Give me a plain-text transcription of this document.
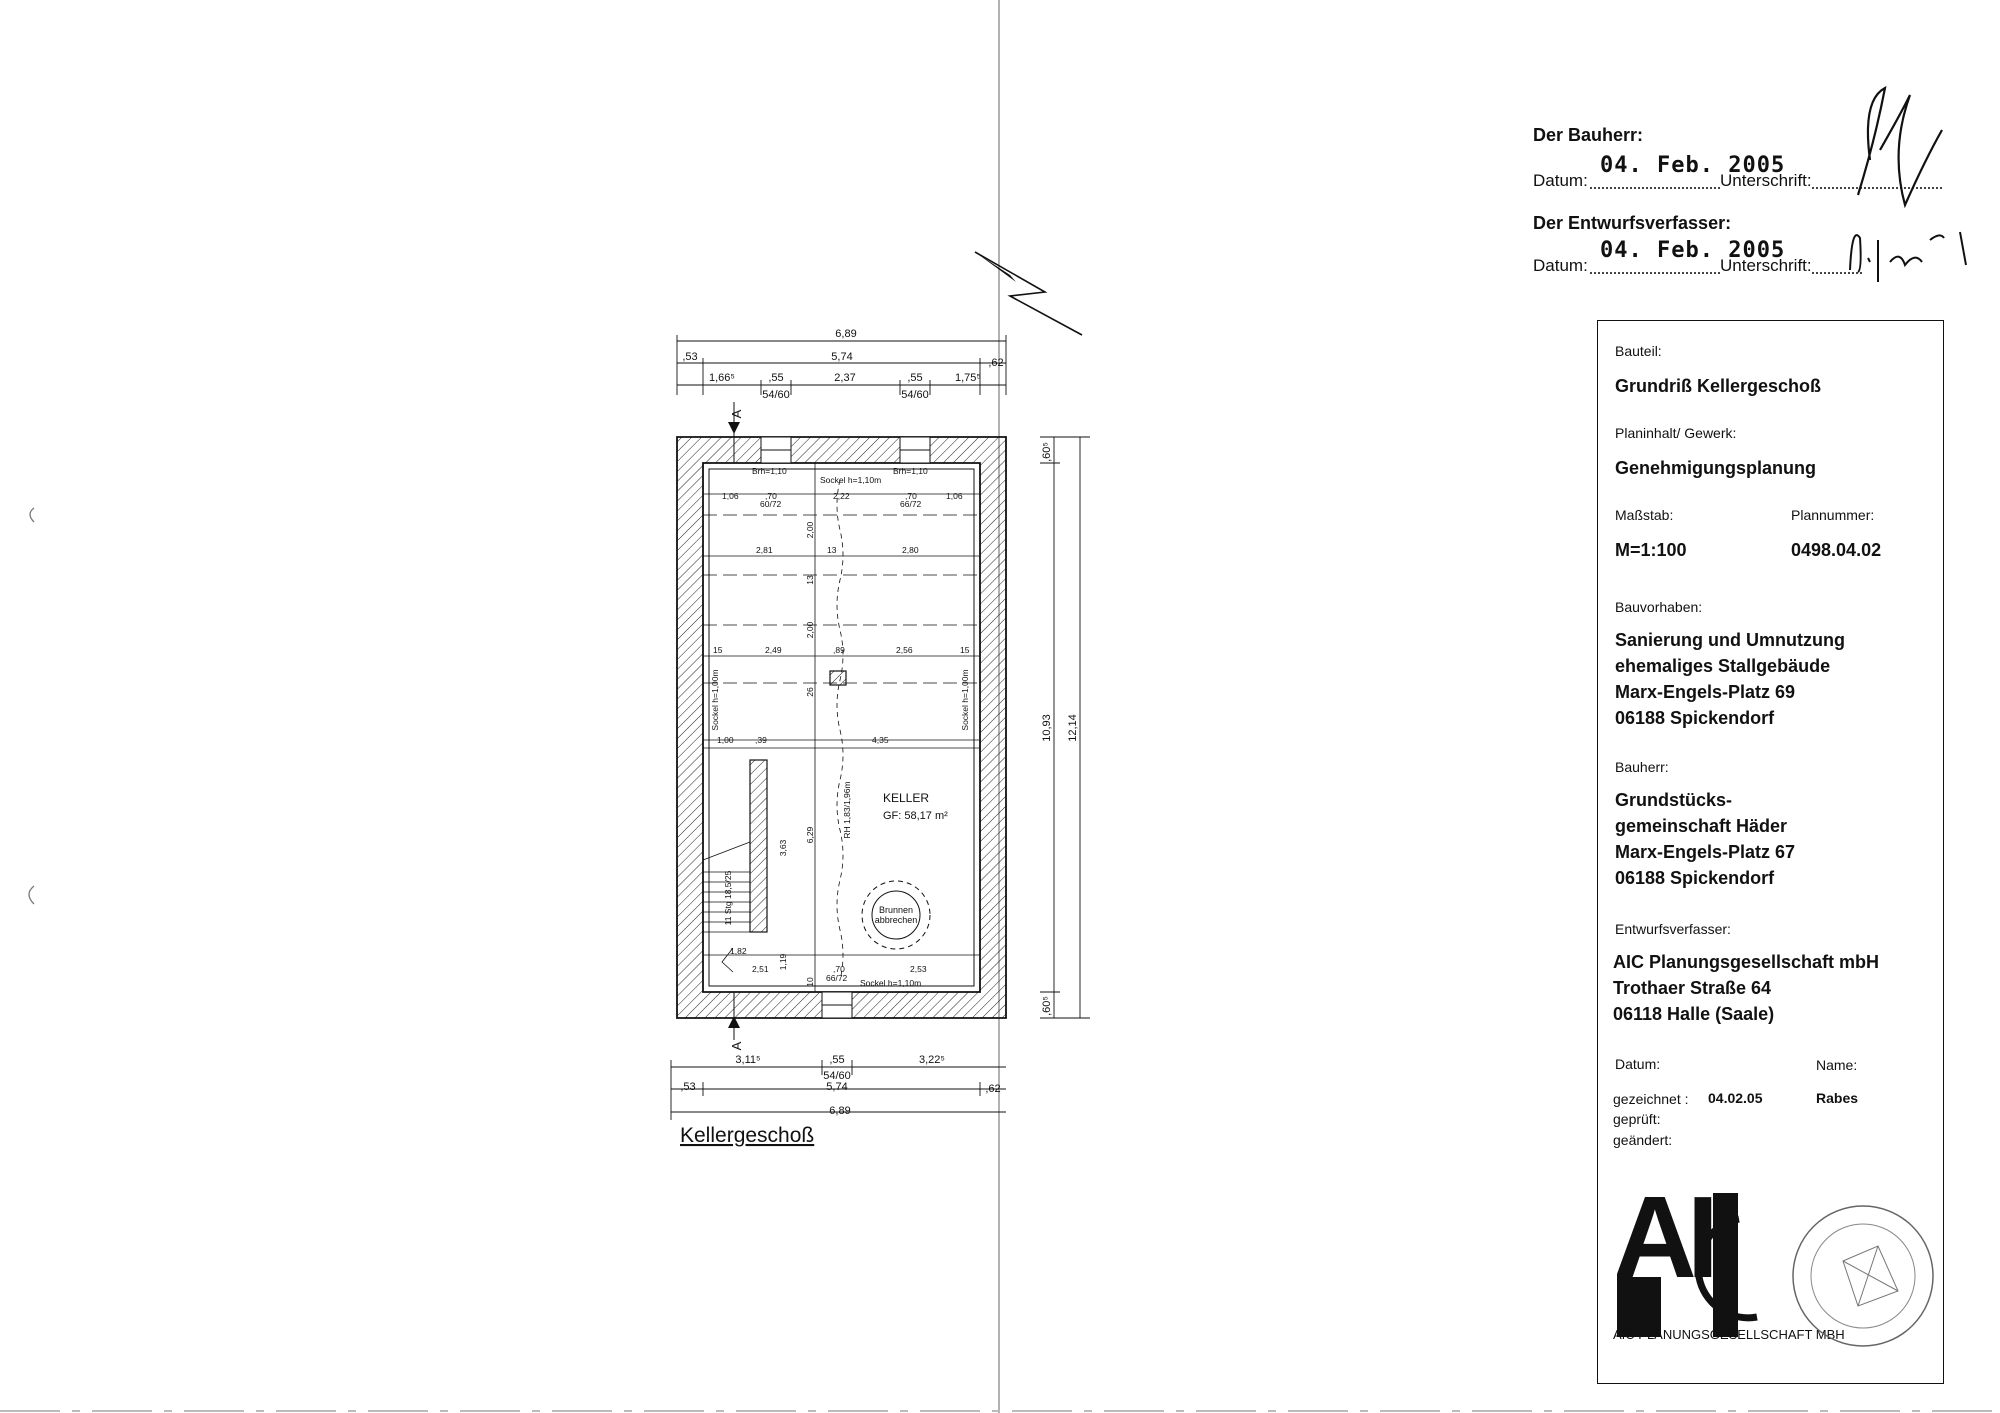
Der Bauherr:
Datum:
04. Feb. 2005
Unterschrift:
Der Entwurfsverfasser:
Datum:
04. Feb. 2005
Unterschrift:
6,89
5,74
,53	,62
1,66⁵	,55	2,37	,55	1,75⁵
54/60	54/60
3,11⁵	,55	3,22⁵
54/60
5,74
,53	,62
6,89
,60⁵
10,93 12,14
,60⁵
Brh=1,10	Brh=1,10
Sockel h=1,10m
Sockel h=1,10m
Sockel h=1,00m	Sockel h=1,00m
1,06	,70	2,22	,70	1,06
60/72	66/72
2,81	13	2,80
15	2,49	,89	2,56	15
1,00	,39	4,35
2,00
13
2,00
26
3,63
6,29
1,19
RH 1,83/1,96m
11 Stg 18,5/25
1,82
2,51	,70	2,53
66/72
10
KELLER
GF: 58,17 m²
Brunnen
abbrechen
A
A
Kellergeschoß
Bauteil:
Grundriß Kellergeschoß
Planinhalt/ Gewerk:
Genehmigungsplanung
Maßstab:	Plannummer:
M=1:100	0498.04.02
Bauvorhaben:
Sanierung und Umnutzung
ehemaliges Stallgebäude
Marx-Engels-Platz 69
06188 Spickendorf
Bauherr:
Grundstücks-
gemeinschaft Häder
Marx-Engels-Platz 67
06188 Spickendorf
Entwurfsverfasser:
AIC Planungsgesellschaft mbH
Trothaer Straße 64
06118 Halle (Saale)
Datum:	Name:
gezeichnet : 04.02.05	Rabes
geprüft:
geändert:
AI
AIC PLANUNGSGESELLSCHAFT MBH
